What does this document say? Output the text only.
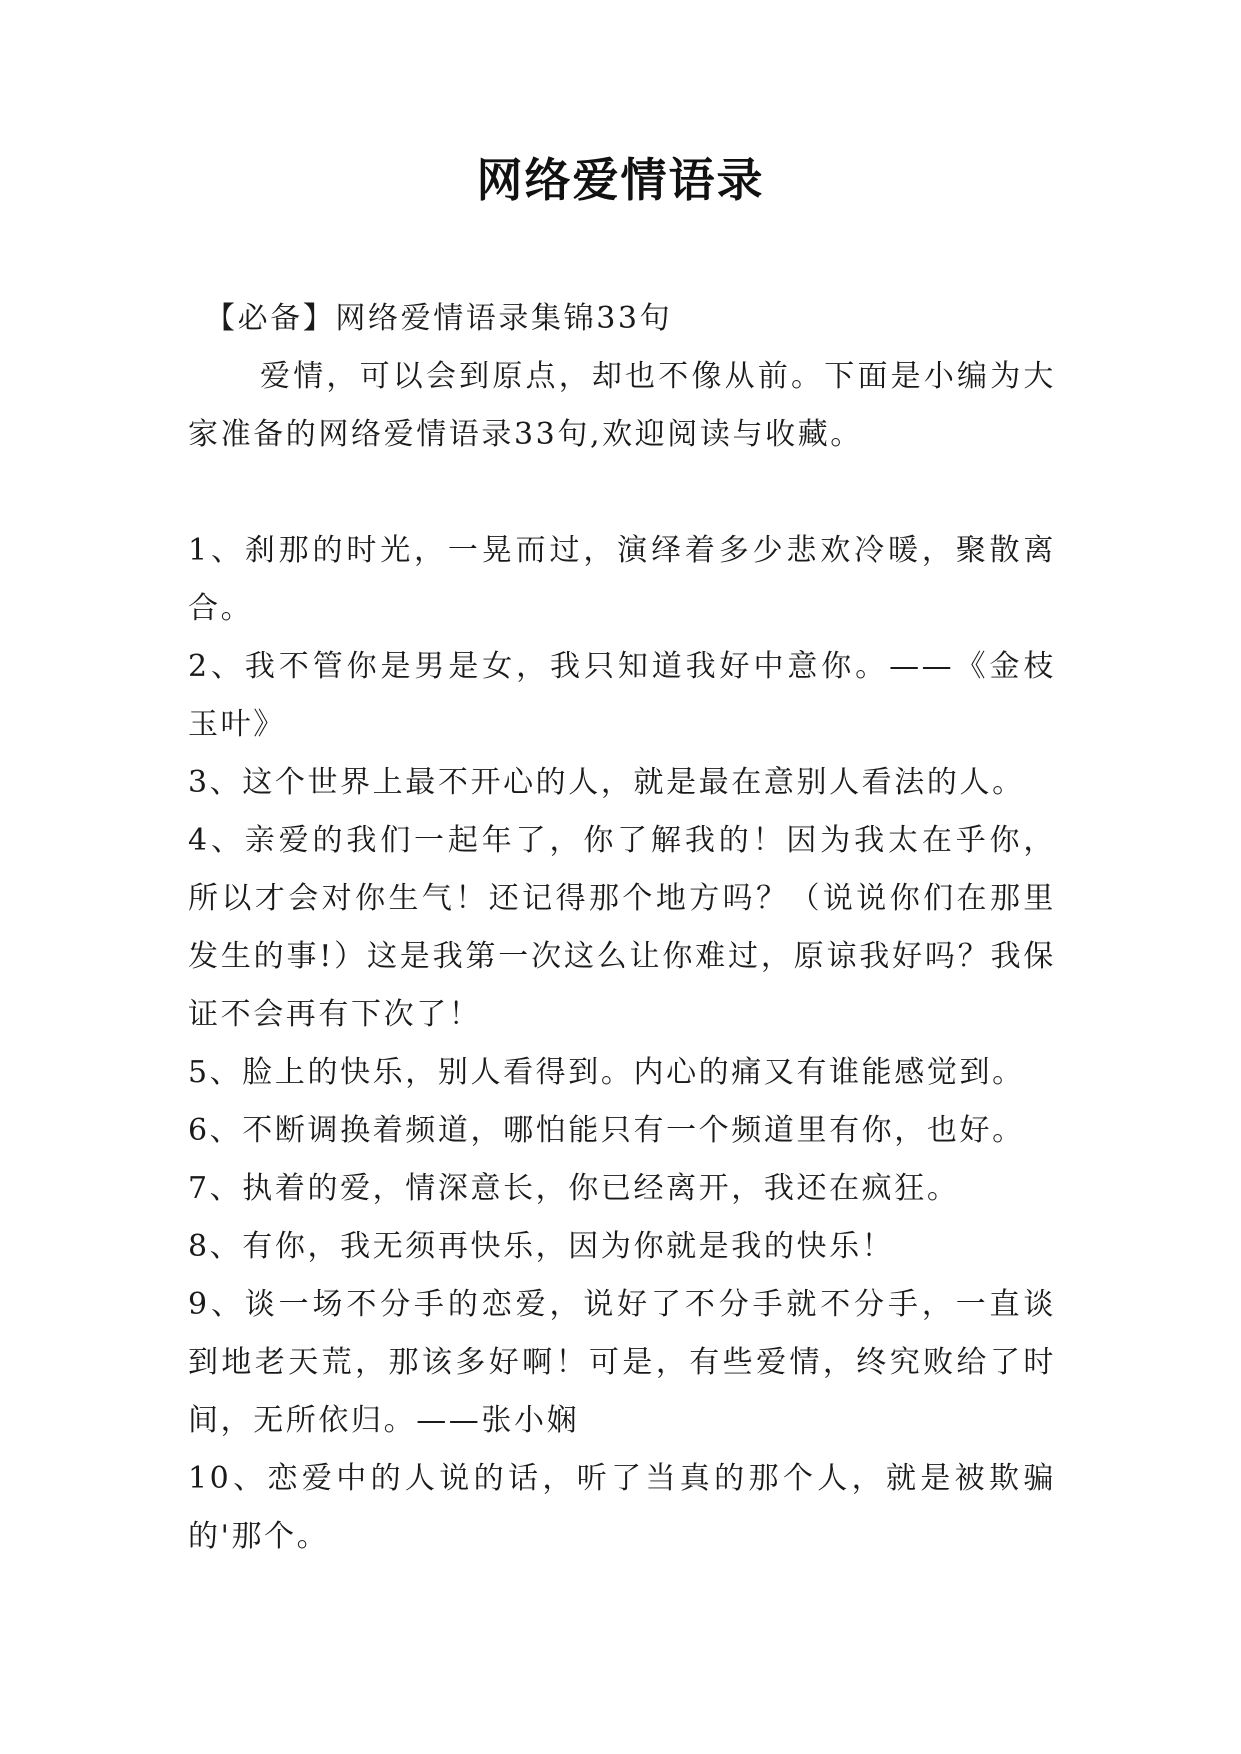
网络爱情语录
【必备】网络爱情语录集锦33句
爱情，可以会到原点，却也不像从前。下面是小编为大家准备的网络爱情语录33句,欢迎阅读与收藏。

1、刹那的时光，一晃而过，演绎着多少悲欢冷暖，聚散离合。

2、我不管你是男是女，我只知道我好中意你。——《金枝玉叶》

3、这个世界上最不开心的人，就是最在意别人看法的人。

4、亲爱的我们一起年了，你了解我的！因为我太在乎你，所以才会对你生气！还记得那个地方吗？（说说你们在那里发生的事!）这是我第一次这么让你难过，原谅我好吗？我保证不会再有下次了！

5、脸上的快乐，别人看得到。内心的痛又有谁能感觉到。

6、不断调换着频道，哪怕能只有一个频道里有你，也好。

7、执着的爱，情深意长，你已经离开，我还在疯狂。

8、有你，我无须再快乐，因为你就是我的快乐！

9、谈一场不分手的恋爱，说好了不分手就不分手，一直谈到地老天荒，那该多好啊！可是，有些爱情，终究败给了时间，无所依归。——张小娴

10、恋爱中的人说的话，听了当真的那个人，就是被欺骗的'那个。
